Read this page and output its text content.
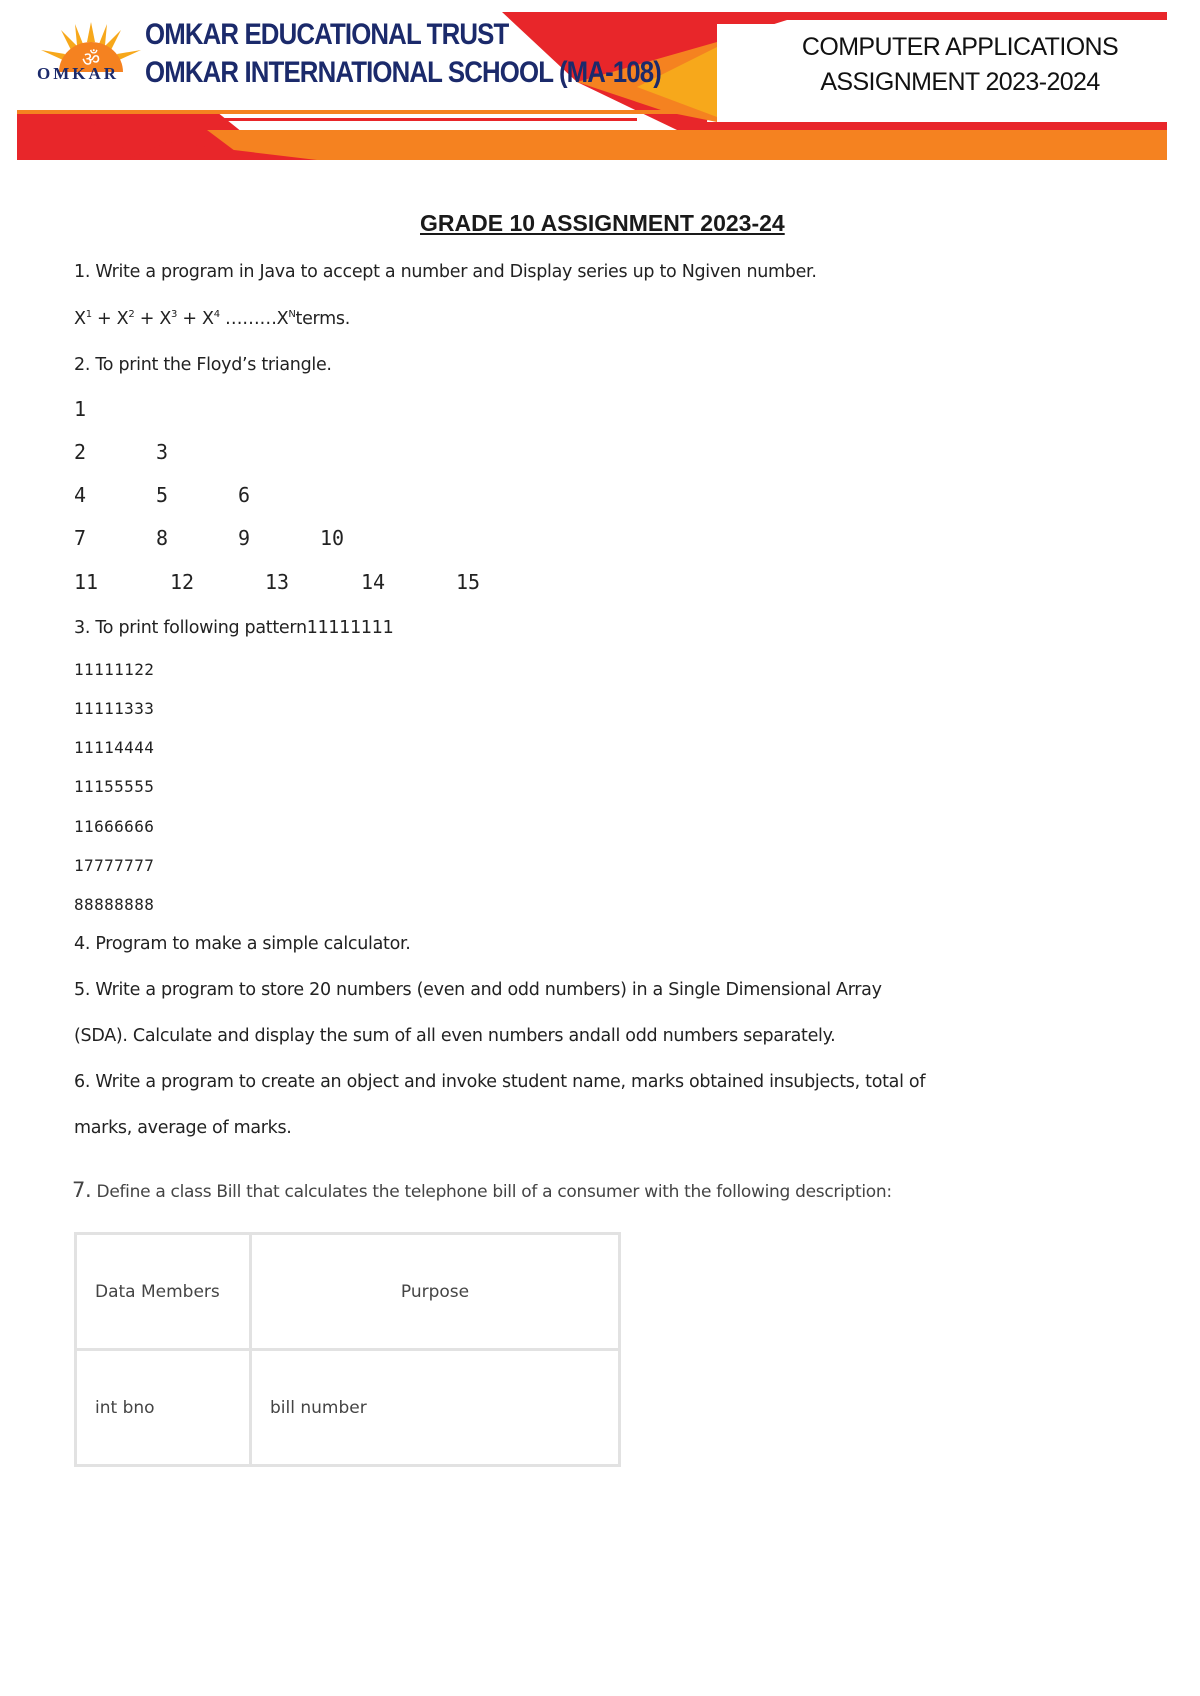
ॐ
OMKAR
OMKAR EDUCATIONAL TRUST
OMKAR INTERNATIONAL SCHOOL (MA-108)
COMPUTER APPLICATIONS
ASSIGNMENT 2023-2024
GRADE 10 ASSIGNMENT 2023-24
1. Write a program in Java to accept a number and Display series up to Ngiven number.
$X^1 + X^2 + X^3 + X^4$ $\dots\dots\dots X^Nterms$.
2. To print the Floyd’s triangle.
1
2	3
4	5	6
7	8	9	10
11	12	13	14	15
3. To print following pattern11111111
11111122
11111333
11114444
11155555
11666666
17777777
88888888
4. Program to make a simple calculator.
5. Write a program to store 20 numbers (even and odd numbers) in a Single Dimensional Array
(SDA). Calculate and display the sum of all even numbers andall odd numbers separately.
6. Write a program to create an object and invoke student name, marks obtained insubjects, total of
marks, average of marks.
7. Define a class Bill that calculates the telephone bill of a consumer with the following description:
Data Members	Purpose
int bno	bill number
